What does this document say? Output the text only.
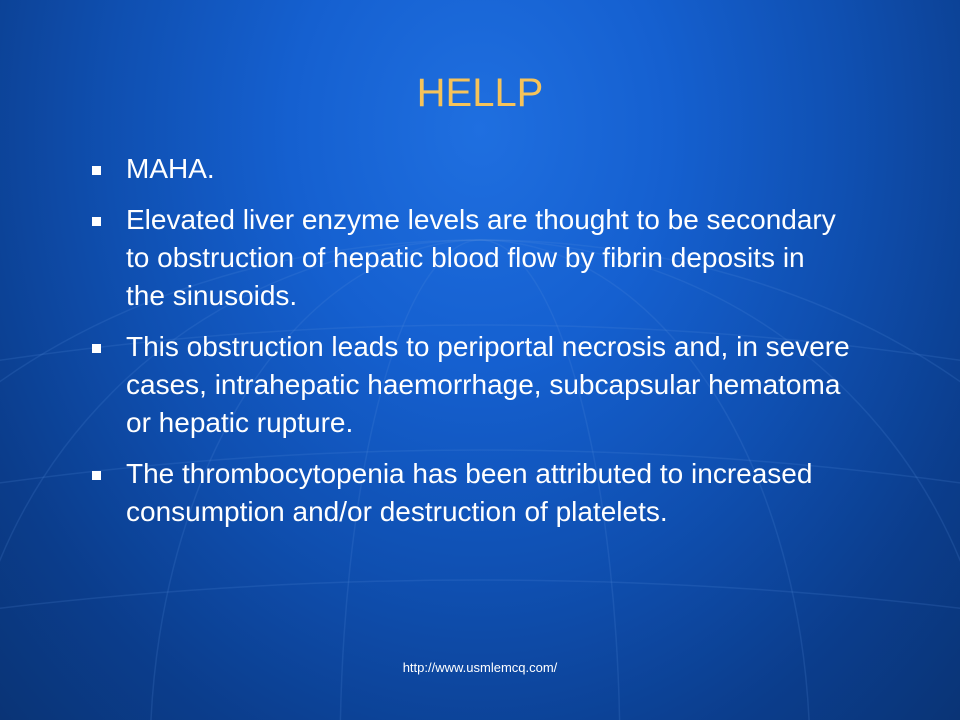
HELLP
MAHA.
Elevated liver enzyme levels are thought to be secondary to obstruction of hepatic blood flow by fibrin deposits in the sinusoids.
This obstruction leads to periportal necrosis and, in severe cases, intrahepatic haemorrhage, subcapsular hematoma or hepatic rupture.
The thrombocytopenia has been attributed to increased consumption and/or destruction of platelets.
http://www.usmlemcq.com/
